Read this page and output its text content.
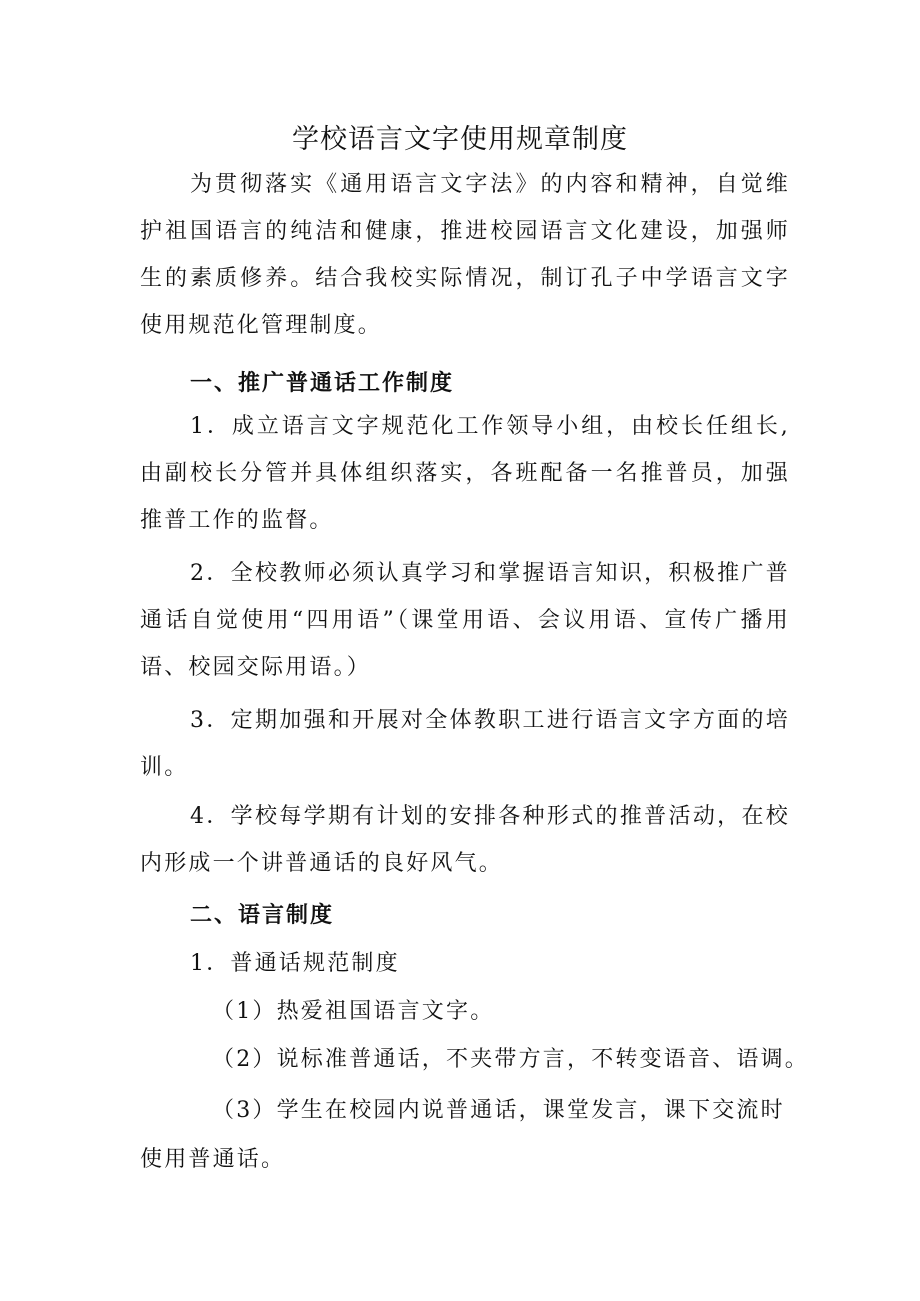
学校语言文字使用规章制度
为贯彻落实《通用语言文字法》的内容和精神，自觉维护祖国语言的纯洁和健康，推进校园语言文化建设，加强师生的素质修养。结合我校实际情况，制订孔子中学语言文字使用规范化管理制度。
一、推广普通话工作制度
1．成立语言文字规范化工作领导小组，由校长任组长,由副校长分管并具体组织落实，各班配备一名推普员，加强推普工作的监督。
2．全校教师必须认真学习和掌握语言知识，积极推广普通话自觉使用“四用语”（课堂用语、会议用语、宣传广播用语、校园交际用语。）
3．定期加强和开展对全体教职工进行语言文字方面的培训。
4．学校每学期有计划的安排各种形式的推普活动，在校内形成一个讲普通话的良好风气。
二、语言制度
1．普通话规范制度
（1）热爱祖国语言文字。
（2）说标准普通话，不夹带方言，不转变语音、语调。
（3）学生在校园内说普通话，课堂发言，课下交流时
使用普通话。
